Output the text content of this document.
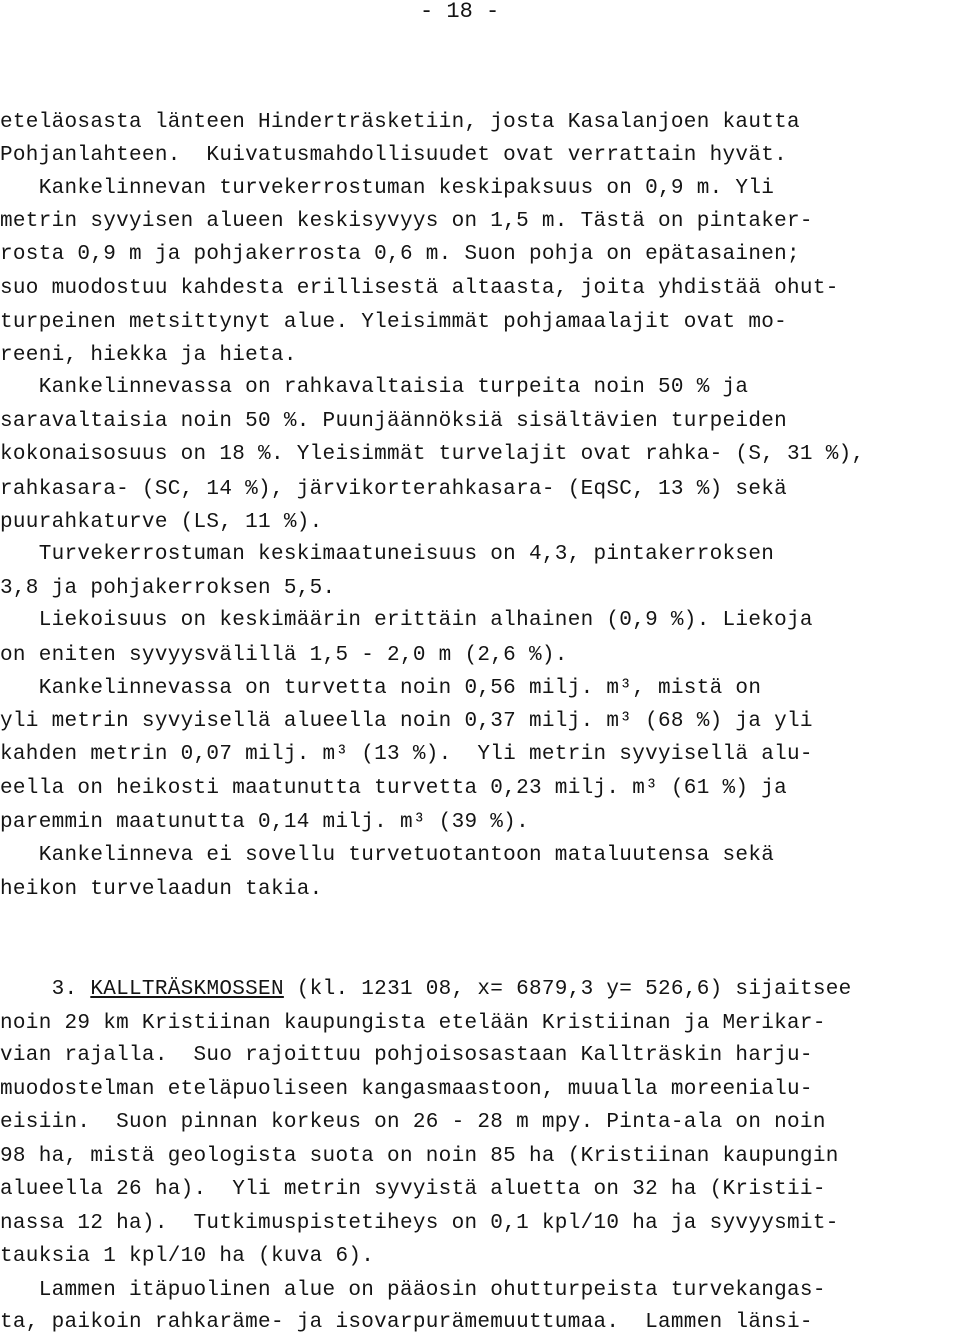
- 18 -
eteläosasta länteen Hinderträsketiin, josta Kasalanjoen kautta
Pohjanlahteen.  Kuivatusmahdollisuudet ovat verrattain hyvät.
Kankelinnevan turvekerrostuman keskipaksuus on 0,9 m. Yli
metrin syvyisen alueen keskisyvyys on 1,5 m. Tästä on pintaker-
rosta 0,9 m ja pohjakerrosta 0,6 m. Suon pohja on epätasainen;
suo muodostuu kahdesta erillisestä altaasta, joita yhdistää ohut-
turpeinen metsittynyt alue. Yleisimmät pohjamaalajit ovat mo-
reeni, hiekka ja hieta.
Kankelinnevassa on rahkavaltaisia turpeita noin 50 % ja
saravaltaisia noin 50 %. Puunjäännöksiä sisältävien turpeiden
kokonaisosuus on 18 %. Yleisimmät turvelajit ovat rahka- (S, 31 %),
rahkasara- (SC, 14 %), järvikorterahkasara- (EqSC, 13 %) sekä
puurahkaturve (LS, 11 %).
Turvekerrostuman keskimaatuneisuus on 4,3, pintakerroksen
3,8 ja pohjakerroksen 5,5.
Liekoisuus on keskimäärin erittäin alhainen (0,9 %). Liekoja
on eniten syvyysvälillä 1,5 - 2,0 m (2,6 %).
Kankelinnevassa on turvetta noin 0,56 milj. m³, mistä on
yli metrin syvyisellä alueella noin 0,37 milj. m³ (68 %) ja yli
kahden metrin 0,07 milj. m³ (13 %).  Yli metrin syvyisellä alu-
eella on heikosti maatunutta turvetta 0,23 milj. m³ (61 %) ja
paremmin maatunutta 0,14 milj. m³ (39 %).
Kankelinneva ei sovellu turvetuotantoon mataluutensa sekä
heikon turvelaadun takia.
3. KALLTRÄSKMOSSEN (kl. 1231 08, x= 6879,3 y= 526,6) sijaitsee
noin 29 km Kristiinan kaupungista etelään Kristiinan ja Merikar-
vian rajalla.  Suo rajoittuu pohjoisosastaan Kallträskin harju-
muodostelman eteläpuoliseen kangasmaastoon, muualla moreenialu-
eisiin.  Suon pinnan korkeus on 26 - 28 m mpy. Pinta-ala on noin
98 ha, mistä geologista suota on noin 85 ha (Kristiinan kaupungin
alueella 26 ha).  Yli metrin syvyistä aluetta on 32 ha (Kristii-
nassa 12 ha).  Tutkimuspistetiheys on 0,1 kpl/10 ha ja syvyysmit-
tauksia 1 kpl/10 ha (kuva 6).
Lammen itäpuolinen alue on pääosin ohutturpeista turvekangas-
ta, paikoin rahkaräme- ja isovarpurämemuuttumaa.  Lammen länsi-
